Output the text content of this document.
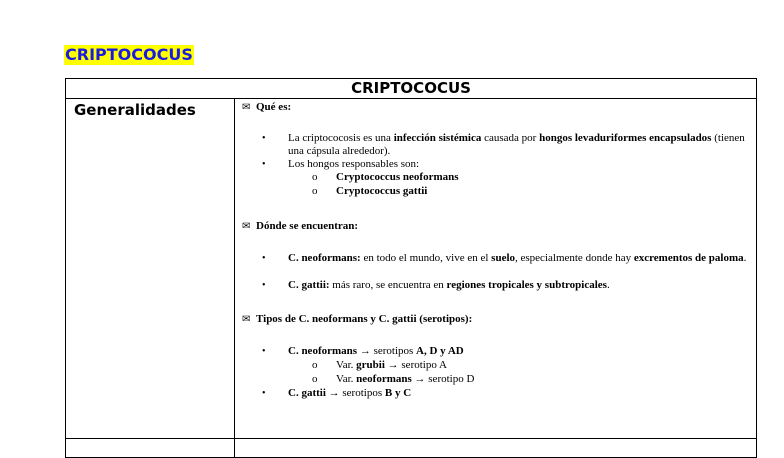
CRIPTOCOCUS
CRIPTOCOCUS
Generalidades	✉ Qué es:
•	La criptococosis es una infección sistémica causada por hongos levaduriformes encapsulados (tienen una cápsula alrededor).
•	Los hongos responsables son:
o	Cryptococcus neoformans
o	Cryptococcus gattii
✉ Dónde se encuentran:
•	C. neoformans: en todo el mundo, vive en el suelo, especialmente donde hay excrementos de paloma.
•	C. gattii: más raro, se encuentra en regiones tropicales y subtropicales.
✉ Tipos de C. neoformans y C. gattii (serotipos):
•	C. neoformans → serotipos A, D y AD
o	Var. grubii → serotipo A
o	Var. neoformans → serotipo D
•	C. gattii → serotipos B y C
